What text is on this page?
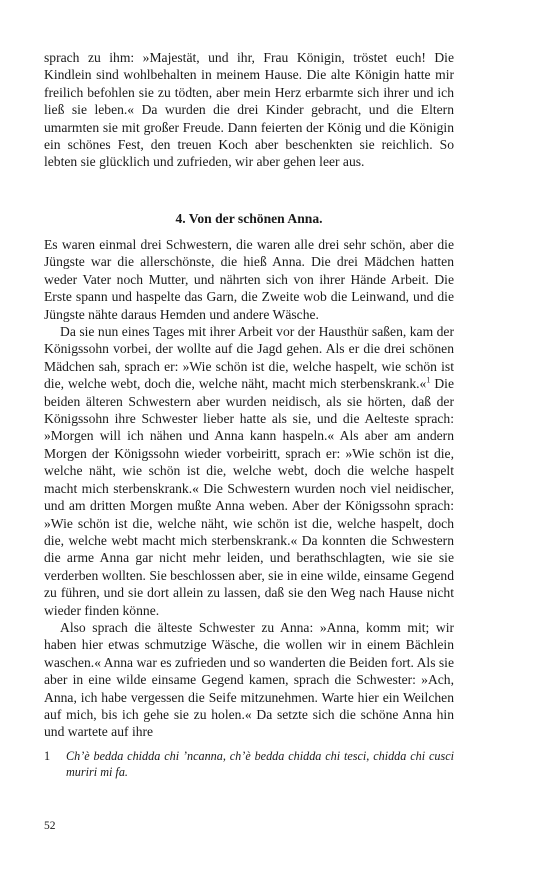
sprach zu ihm: »Majestät, und ihr, Frau Königin, tröstet euch! Die Kindlein sind wohlbehalten in meinem Hause. Die alte Königin hatte mir freilich befohlen sie zu tödten, aber mein Herz erbarmte sich ihrer und ich ließ sie leben.« Da wurden die drei Kinder gebracht, und die Eltern umarmten sie mit großer Freude. Dann feierten der König und die Königin ein schönes Fest, den treuen Koch aber beschenkten sie reichlich. So lebten sie glücklich und zufrieden, wir aber gehen leer aus.

4. Von der schönen Anna.

Es waren einmal drei Schwestern, die waren alle drei sehr schön, aber die Jüngste war die allerschönste, die hieß Anna. Die drei Mädchen hatten weder Vater noch Mutter, und nährten sich von ihrer Hände Arbeit. Die Erste spann und haspelte das Garn, die Zweite wob die Leinwand, und die Jüngste nähte daraus Hemden und andere Wäsche.

Da sie nun eines Tages mit ihrer Arbeit vor der Hausthür saßen, kam der Königssohn vorbei, der wollte auf die Jagd gehen. Als er die drei schönen Mädchen sah, sprach er: »Wie schön ist die, welche haspelt, wie schön ist die, welche webt, doch die, welche näht, macht mich sterbenskrank.«$^1$ Die beiden älteren Schwestern aber wurden neidisch, als sie hörten, daß der Königssohn ihre Schwester lieber hatte als sie, und die Aelteste sprach: »Morgen will ich nähen und Anna kann haspeln.« Als aber am andern Morgen der Königssohn wieder vorbeiritt, sprach er: »Wie schön ist die, welche näht, wie schön ist die, welche webt, doch die welche haspelt macht mich sterbenskrank.« Die Schwestern wurden noch viel neidischer, und am dritten Morgen mußte Anna weben. Aber der Königssohn sprach: »Wie schön ist die, welche näht, wie schön ist die, welche haspelt, doch die, welche webt macht mich sterbenskrank.« Da konnten die Schwestern die arme Anna gar nicht mehr leiden, und berathschlagten, wie sie sie verderben wollten. Sie beschlossen aber, sie in eine wilde, einsame Gegend zu führen, und sie dort allein zu lassen, daß sie den Weg nach Hause nicht wieder finden könne.

Also sprach die älteste Schwester zu Anna: »Anna, komm mit; wir haben hier etwas schmutzige Wäsche, die wollen wir in einem Bächlein waschen.« Anna war es zufrieden und so wanderten die Beiden fort. Als sie aber in eine wilde einsame Gegend kamen, sprach die Schwester: »Ach, Anna, ich habe vergessen die Seife mitzunehmen. Warte hier ein Weilchen auf mich, bis ich gehe sie zu holen.« Da setzte sich die schöne Anna hin und wartete auf ihre

1	Ch’è bedda chidda chi ’ncanna, ch’è bedda chidda chi tesci, chidda chi cusci muriri mi fa.
52
